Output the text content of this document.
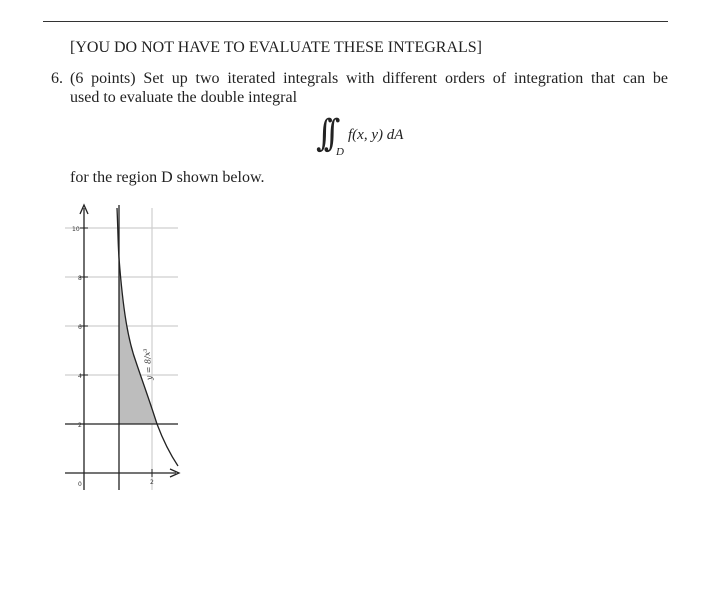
[YOU DO NOT HAVE TO EVALUATE THESE INTEGRALS]
6. (6 points) Set up two iterated integrals with different orders of integration that can be
used to evaluate the double integral
∫∫ D
f(x, y) dA
for the region D shown below.
10
8
6
4
2
0	2
y = 8/x³
